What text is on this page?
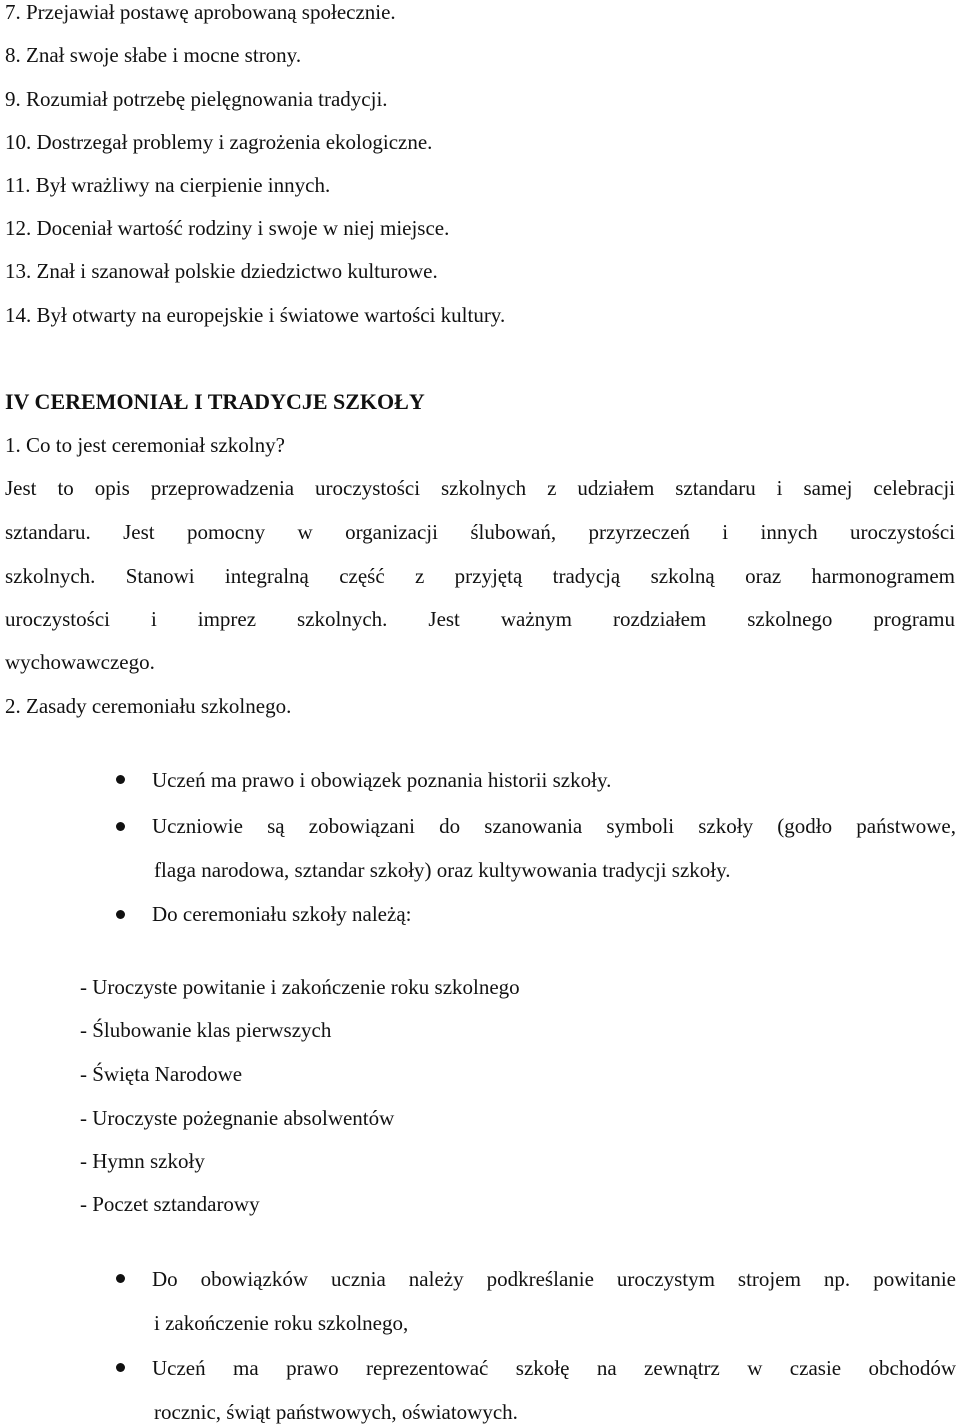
7. Przejawiał postawę aprobowaną społecznie.
8. Znał swoje słabe i mocne strony.
9. Rozumiał potrzebę pielęgnowania tradycji.
10. Dostrzegał problemy i zagrożenia ekologiczne.
11. Był wrażliwy na cierpienie innych.
12. Doceniał wartość rodziny i swoje w niej miejsce.
13. Znał i szanował polskie dziedzictwo kulturowe.
14. Był otwarty na europejskie i światowe wartości kultury.
IV CEREMONIAŁ I TRADYCJE SZKOŁY
1. Co to jest ceremoniał szkolny?
Jest to opis przeprowadzenia uroczystości szkolnych z udziałem sztandaru i samej celebracji
sztandaru. Jest pomocny w organizacji ślubowań, przyrzeczeń i innych uroczystości
szkolnych. Stanowi integralną część z przyjętą tradycją szkolną oraz harmonogramem
uroczystości i imprez szkolnych. Jest ważnym rozdziałem szkolnego programu
wychowawczego.
2. Zasady ceremoniału szkolnego.
Uczeń ma prawo i obowiązek poznania historii szkoły.
Uczniowie są zobowiązani do szanowania symboli szkoły (godło państwowe,
flaga narodowa, sztandar szkoły) oraz kultywowania tradycji szkoły.
Do ceremoniału szkoły należą:
- Uroczyste powitanie i zakończenie roku szkolnego
- Ślubowanie klas pierwszych
- Święta Narodowe
- Uroczyste pożegnanie absolwentów
- Hymn szkoły
- Poczet sztandarowy
Do obowiązków ucznia należy podkreślanie uroczystym strojem np. powitanie
i zakończenie roku szkolnego,
Uczeń ma prawo reprezentować szkołę na zewnątrz w czasie obchodów
rocznic, świąt państwowych, oświatowych.
